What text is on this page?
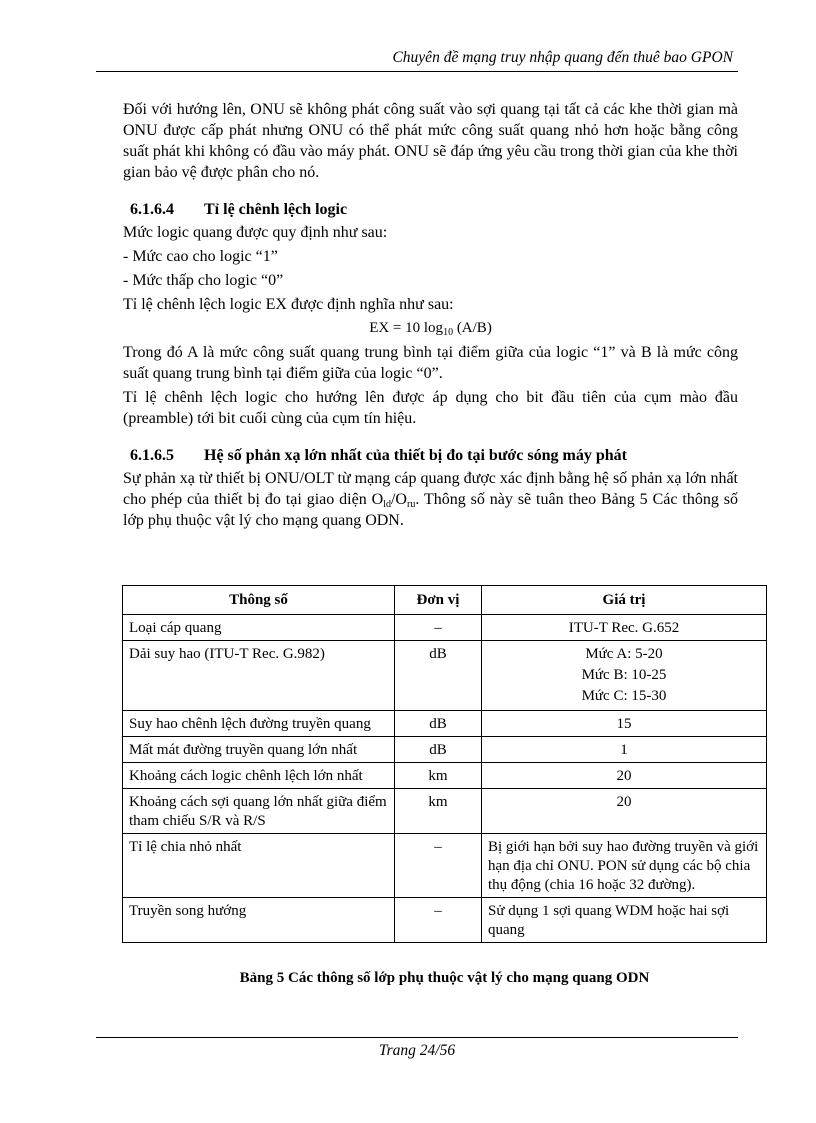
Chuyên đề mạng truy nhập quang đến thuê bao GPON

Đối với hướng lên, ONU sẽ không phát công suất vào sợi quang tại tất cả các khe thời gian mà ONU được cấp phát nhưng ONU có thể phát mức công suất quang nhỏ hơn hoặc bằng công suất phát khi không có đầu vào máy phát. ONU sẽ đáp ứng yêu cầu trong thời gian của khe thời gian bảo vệ được phân cho nó.

6.1.6.4 Tỉ lệ chênh lệch logic

Mức logic quang được quy định như sau:

- Mức cao cho logic “1”

- Mức thấp cho logic “0”

Tỉ lệ chênh lệch logic EX được định nghĩa như sau:

EX = 10 $\log_{10} (A/B)$

Trong đó A là mức công suất quang trung bình tại điểm giữa của logic “1” và B là mức công suất quang trung bình tại điểm giữa của logic “0”.

Tỉ lệ chênh lệch logic cho hướng lên được áp dụng cho bit đầu tiên của cụm mào đầu (preamble) tới bit cuối cùng của cụm tín hiệu.

6.1.6.5 Hệ số phản xạ lớn nhất của thiết bị đo tại bước sóng máy phát

Sự phản xạ từ thiết bị ONU/OLT từ mạng cáp quang được xác định bằng hệ số phản xạ lớn nhất cho phép của thiết bị đo tại giao diện $O_{ld}/O_{ru}$. Thông số này sẽ tuân theo Bảng 5 Các thông số lớp phụ thuộc vật lý cho mạng quang ODN.

Thông số	Đơn vị	Giá trị
Loại cáp quang	–	ITU-T Rec. G.652
Dải suy hao (ITU-T Rec. G.982)	dB	Mức A: 5-20
Mức B: 10-25
Mức C: 15-30

Suy hao chênh lệch đường truyền quang	dB	15
Mất mát đường truyền quang lớn nhất	dB	1
Khoảng cách logic chênh lệch lớn nhất	km	20
Khoảng cách sợi quang lớn nhất giữa điểm tham chiếu S/R và R/S	km	20
Tỉ lệ chia nhỏ nhất	–	Bị giới hạn bởi suy hao đường truyền và giới hạn địa chỉ ONU. PON sử dụng các bộ chia thụ động (chia 16 hoặc 32 đường).
Truyền song hướng	–	Sử dụng 1 sợi quang WDM hoặc hai sợi quang
Bảng 5 Các thông số lớp phụ thuộc vật lý cho mạng quang ODN
Trang 24/56
